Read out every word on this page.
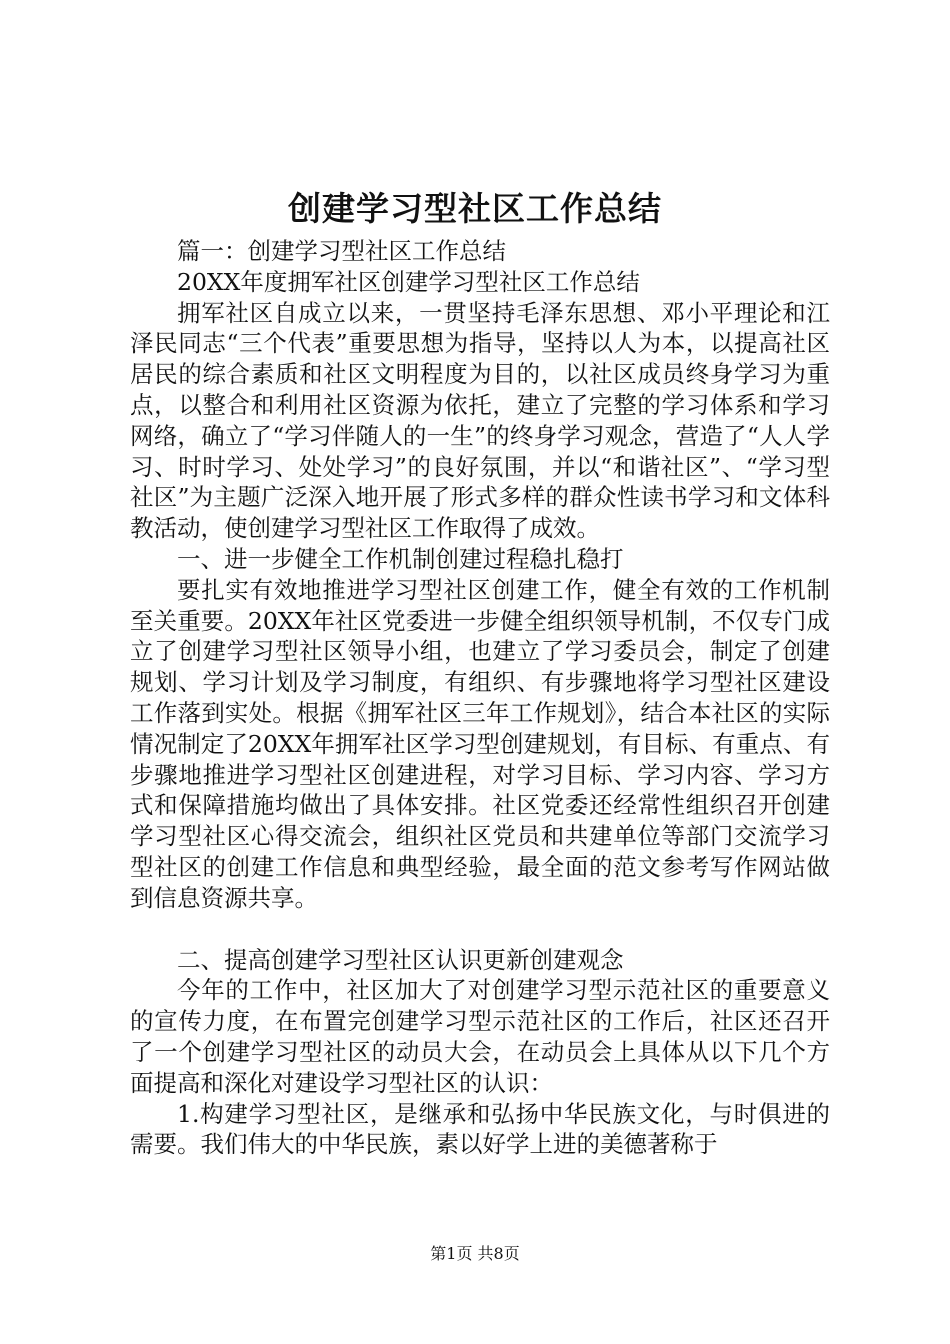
创建学习型社区工作总结

篇一：创建学习型社区工作总结

20XX年度拥军社区创建学习型社区工作总结

拥军社区自成立以来，一贯坚持毛泽东思想、邓小平理论和江泽民同志“三个代表”重要思想为指导，坚持以人为本，以提高社区居民的综合素质和社区文明程度为目的，以社区成员终身学习为重点，以整合和利用社区资源为依托，建立了完整的学习体系和学习网络，确立了“学习伴随人的一生”的终身学习观念，营造了“人人学习、时时学习、处处学习”的良好氛围，并以“和谐社区”、“学习型社区”为主题广泛深入地开展了形式多样的群众性读书学习和文体科教活动，使创建学习型社区工作取得了成效。

一、进一步健全工作机制创建过程稳扎稳打

要扎实有效地推进学习型社区创建工作，健全有效的工作机制至关重要。20XX年社区党委进一步健全组织领导机制，不仅专门成立了创建学习型社区领导小组，也建立了学习委员会，制定了创建规划、学习计划及学习制度，有组织、有步骤地将学习型社区建设工作落到实处。根据《拥军社区三年工作规划》，结合本社区的实际情况制定了20XX年拥军社区学习型创建规划，有目标、有重点、有步骤地推进学习型社区创建进程，对学习目标、学习内容、学习方式和保障措施均做出了具体安排。社区党委还经常性组织召开创建学习型社区心得交流会，组织社区党员和共建单位等部门交流学习型社区的创建工作信息和典型经验，最全面的范文参考写作网站做到信息资源共享。

二、提高创建学习型社区认识更新创建观念

今年的工作中，社区加大了对创建学习型示范社区的重要意义的宣传力度，在布置完创建学习型示范社区的工作后，社区还召开了一个创建学习型社区的动员大会，在动员会上具体从以下几个方面提高和深化对建设学习型社区的认识：

1.构建学习型社区，是继承和弘扬中华民族文化，与时俱进的需要。我们伟大的中华民族，素以好学上进的美德著称于

第1页 共8页
